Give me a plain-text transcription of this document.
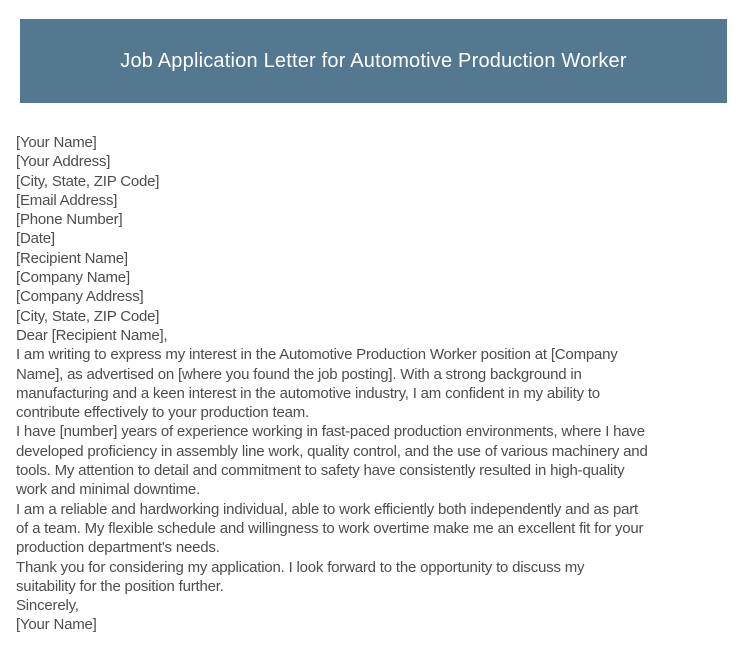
Job Application Letter for Automotive Production Worker
[Your Name]
[Your Address]
[City, State, ZIP Code]
[Email Address]
[Phone Number]
[Date]
[Recipient Name]
[Company Name]
[Company Address]
[City, State, ZIP Code]
Dear [Recipient Name],
I am writing to express my interest in the Automotive Production Worker position at [Company
Name], as advertised on [where you found the job posting]. With a strong background in
manufacturing and a keen interest in the automotive industry, I am confident in my ability to
contribute effectively to your production team.
I have [number] years of experience working in fast-paced production environments, where I have
developed proficiency in assembly line work, quality control, and the use of various machinery and
tools. My attention to detail and commitment to safety have consistently resulted in high-quality
work and minimal downtime.
I am a reliable and hardworking individual, able to work efficiently both independently and as part
of a team. My flexible schedule and willingness to work overtime make me an excellent fit for your
production department's needs.
Thank you for considering my application. I look forward to the opportunity to discuss my
suitability for the position further.
Sincerely,
[Your Name]
